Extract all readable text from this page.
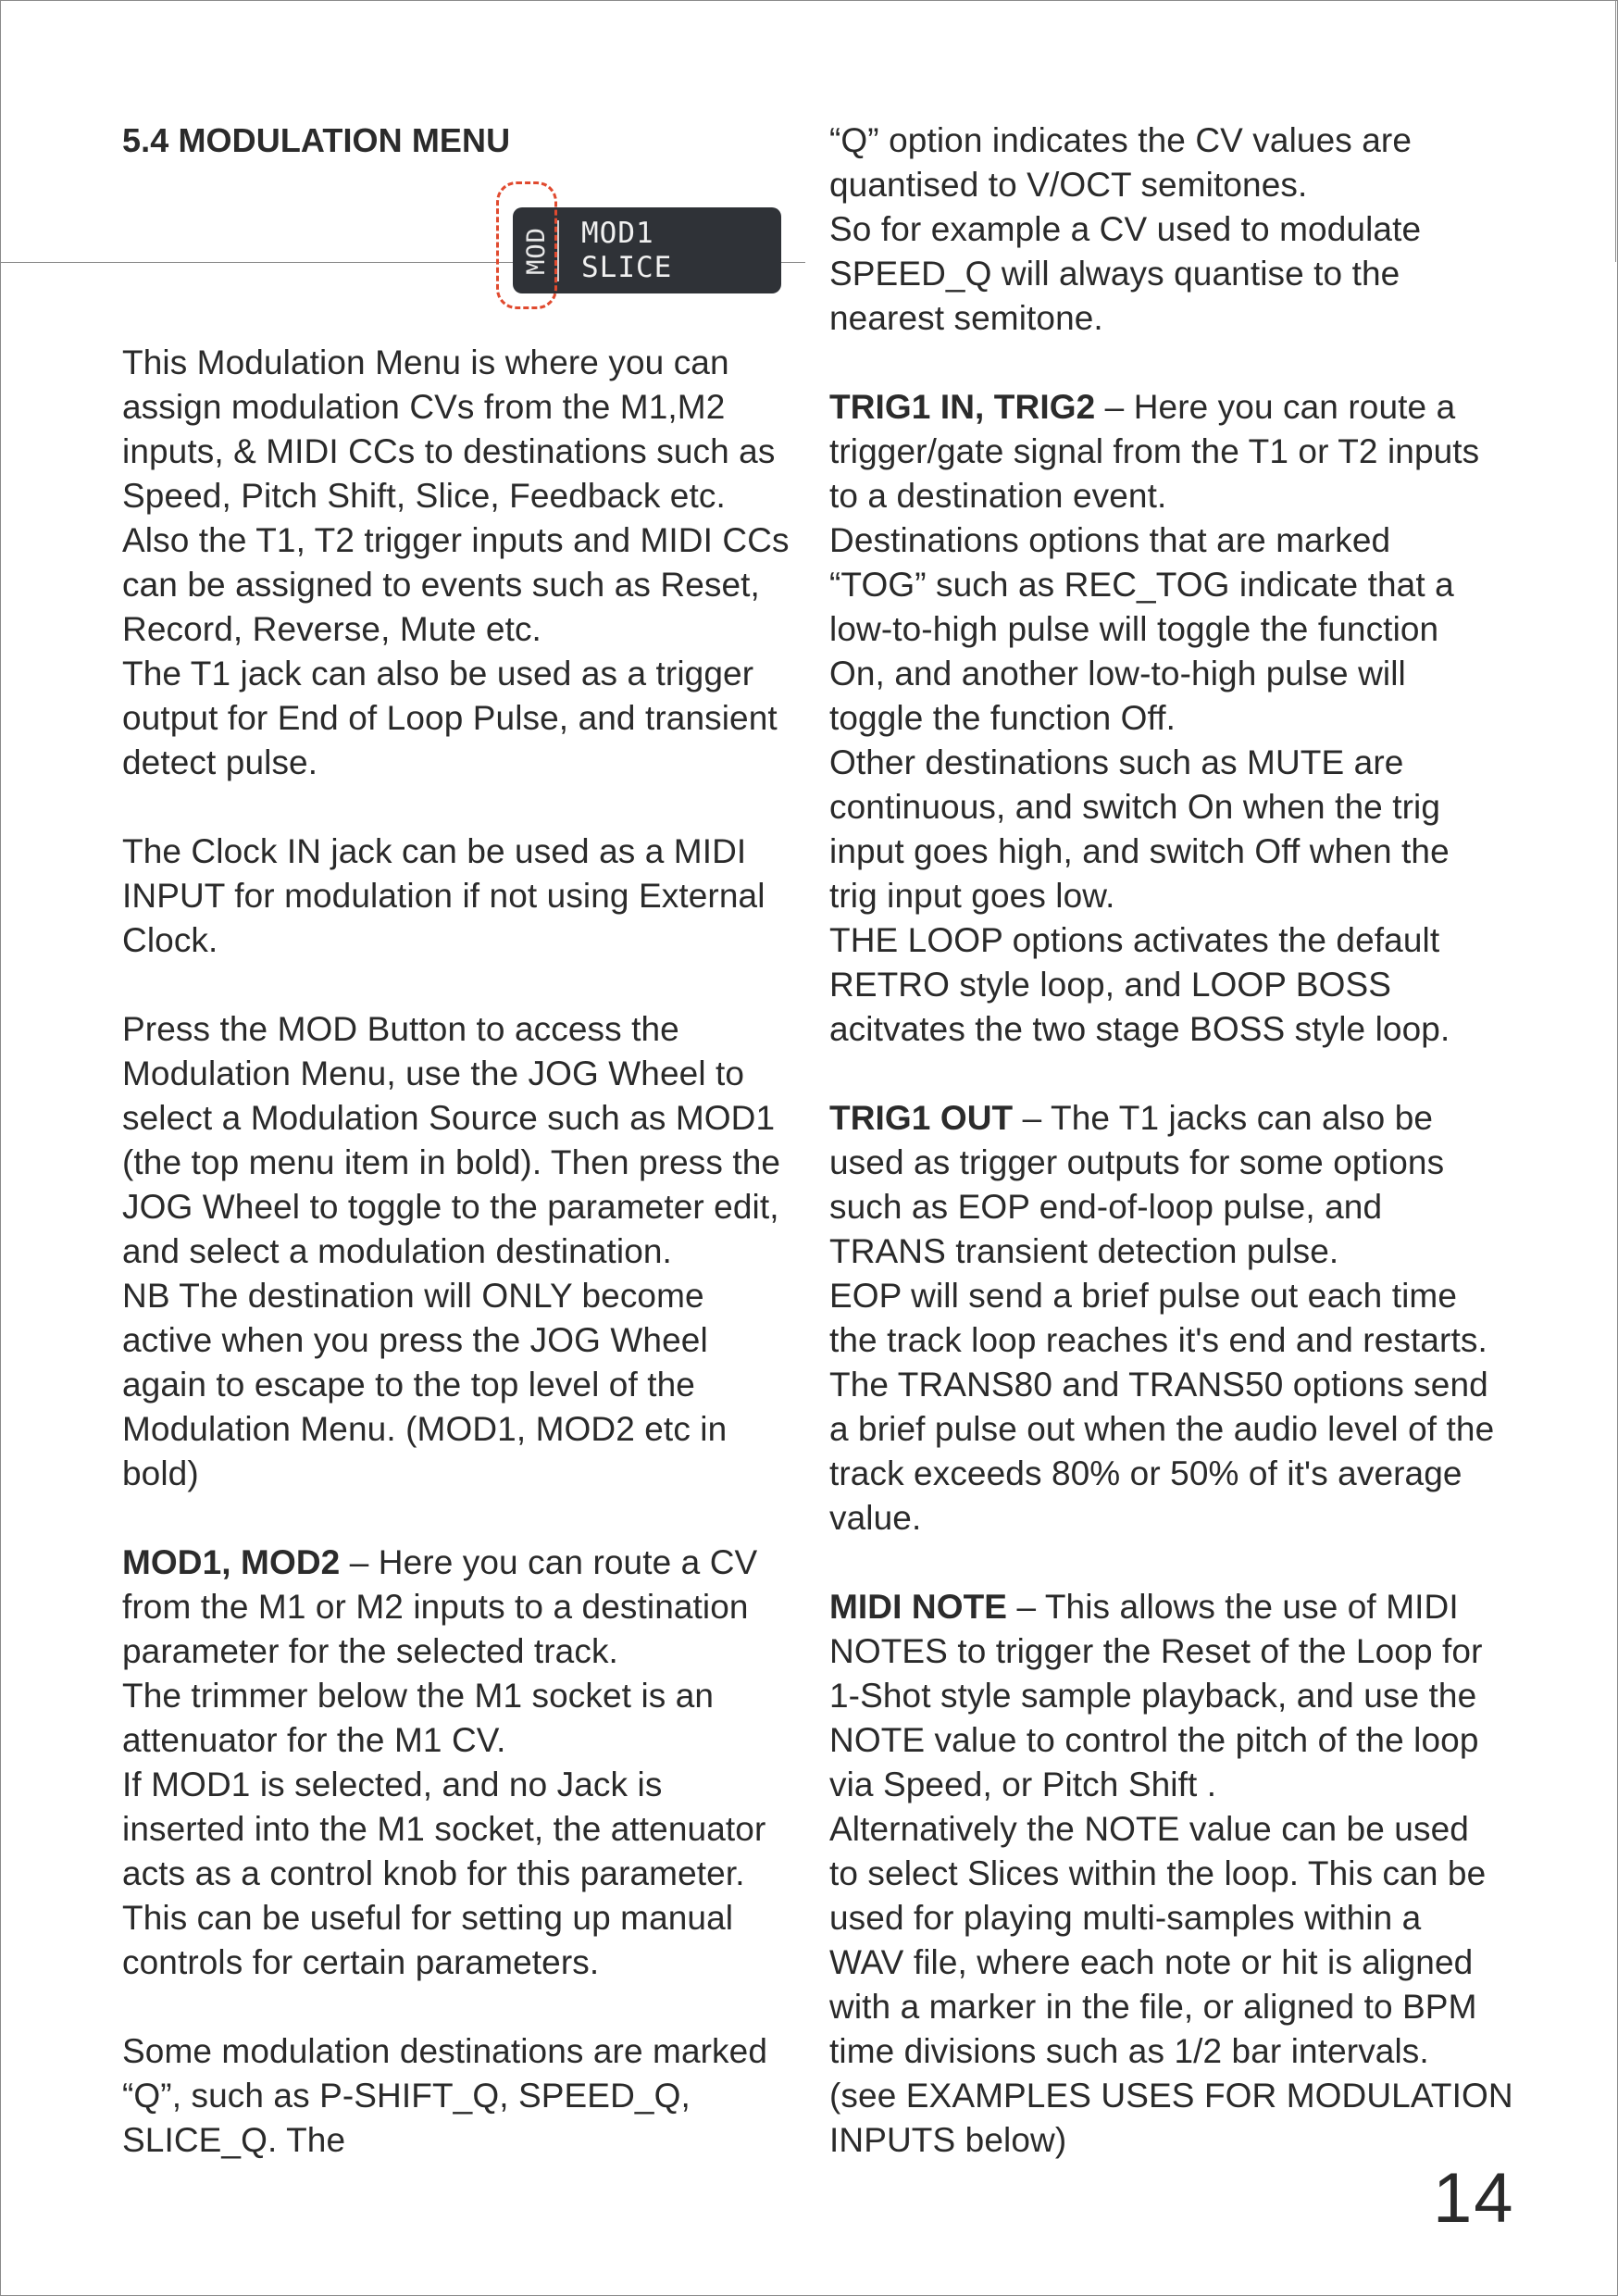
5.4 MODULATION MENU

This Modulation Menu is where you can
assign modulation CVs from the M1,M2
inputs, & MIDI CCs to destinations such as
Speed, Pitch Shift, Slice, Feedback etc.
Also the T1, T2 trigger inputs and MIDI CCs
can be assigned to events such as Reset,
Record, Reverse, Mute etc.
The T1 jack can also be used as a trigger
output for End of Loop Pulse, and transient
detect pulse.

The Clock IN jack can be used as a MIDI
INPUT for modulation if not using External
Clock.

Press the MOD Button to access the
Modulation Menu, use the JOG Wheel to
select a Modulation Source such as MOD1
(the top menu item in bold). Then press the
JOG Wheel to toggle to the parameter edit,
and select a modulation destination.
NB The destination will ONLY become
active when you press the JOG Wheel
again to escape to the top level of the
Modulation Menu. (MOD1, MOD2 etc in
bold)

MOD1, MOD2 – Here you can route a CV
from the M1 or M2 inputs to a destination
parameter for the selected track.
The trimmer below the M1 socket is an
attenuator for the M1 CV.
If MOD1 is selected, and no Jack is
inserted into the M1 socket, the attenuator
acts as a control knob for this parameter.
This can be useful for setting up manual
controls for certain parameters.

Some modulation destinations are marked
“Q”, such as P-SHIFT_Q, SPEED_Q,
SLICE_Q. The

MOD MOD1
SLICE

“Q” option indicates the CV values are
quantised to V/OCT semitones.
So for example a CV used to modulate
SPEED_Q will always quantise to the
nearest semitone.

TRIG1 IN, TRIG2 – Here you can route a
trigger/gate signal from the T1 or T2 inputs
to a destination event.
Destinations options that are marked
“TOG” such as REC_TOG indicate that a
low-to-high pulse will toggle the function
On, and another low-to-high pulse will
toggle the function Off.
Other destinations such as MUTE are
continuous, and switch On when the trig
input goes high, and switch Off when the
trig input goes low.
THE LOOP options activates the default
RETRO style loop, and LOOP BOSS
acitvates the two stage BOSS style loop.

TRIG1 OUT – The T1 jacks can also be
used as trigger outputs for some options
such as EOP end-of-loop pulse, and
TRANS transient detection pulse.
EOP will send a brief pulse out each time
the track loop reaches it's end and restarts.
The TRANS80 and TRANS50 options send
a brief pulse out when the audio level of the
track exceeds 80% or 50% of it's average
value.

MIDI NOTE – This allows the use of MIDI
NOTES to trigger the Reset of the Loop for
1-Shot style sample playback, and use the
NOTE value to control the pitch of the loop
via Speed, or Pitch Shift .
Alternatively the NOTE value can be used
to select Slices within the loop. This can be
used for playing multi-samples within a
WAV file, where each note or hit is aligned
with a marker in the file, or aligned to BPM
time divisions such as 1/2 bar intervals.
(see EXAMPLES USES FOR MODULATION
INPUTS below)

14
